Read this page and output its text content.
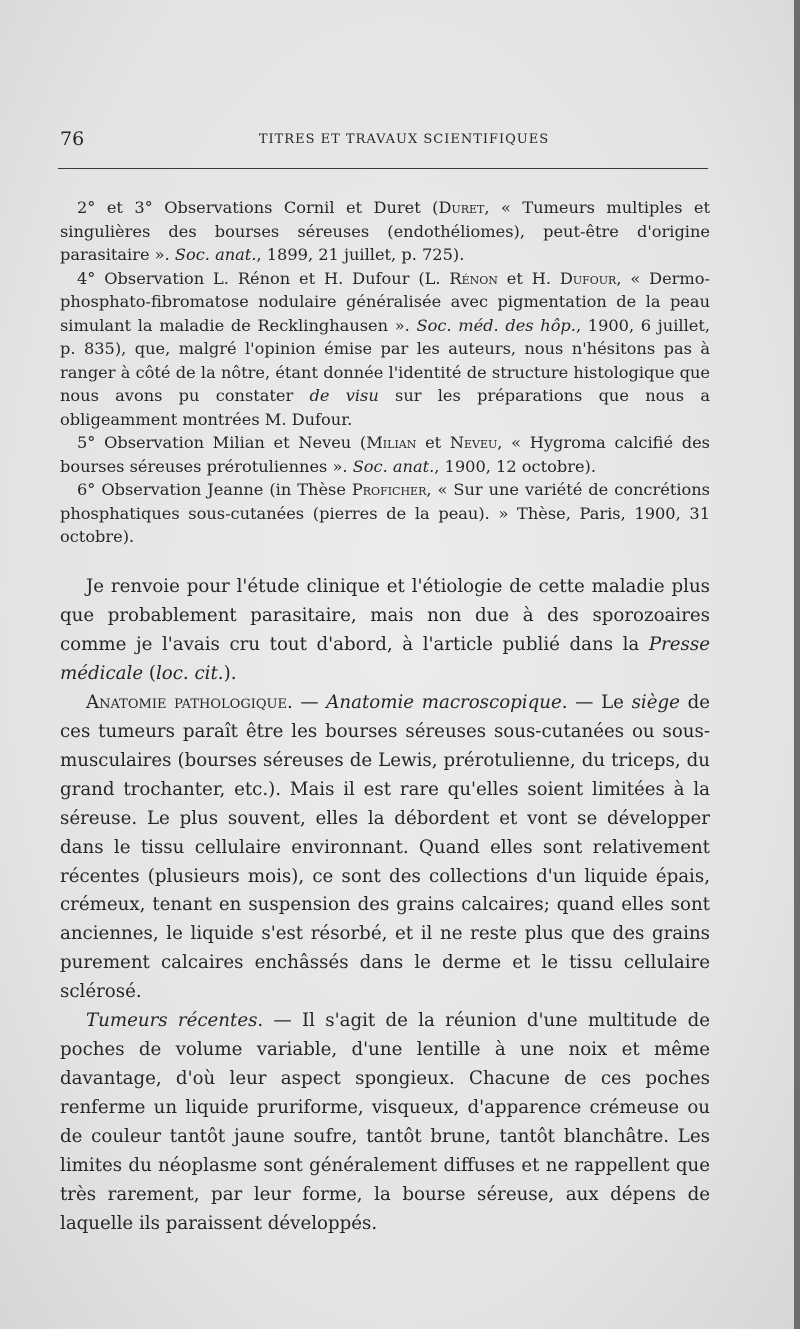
76	TITRES ET TRAVAUX SCIENTIFIQUES

2° et 3° Observations Cornil et Duret (Duret, « Tumeurs multiples et singulières des bourses séreuses (endothéliomes), peut-être d'origine parasitaire ». Soc. anat., 1899, 21 juillet, p. 725).

4° Observation L. Rénon et H. Dufour (L. Rénon et H. Dufour, « Dermo-phosphato-fibromatose nodulaire généralisée avec pigmentation de la peau simulant la maladie de Recklinghausen ». Soc. méd. des hôp., 1900, 6 juillet, p. 835), que, malgré l'opinion émise par les auteurs, nous n'hésitons pas à ranger à côté de la nôtre, étant donnée l'identité de structure histologique que nous avons pu constater de visu sur les préparations que nous a obligeamment montrées M. Dufour.

5° Observation Milian et Neveu (Milian et Neveu, « Hygroma calcifié des bourses séreuses prérotuliennes ». Soc. anat., 1900, 12 octobre).

6° Observation Jeanne (in Thèse Proficher, « Sur une variété de concrétions phosphatiques sous-cutanées (pierres de la peau). » Thèse, Paris, 1900, 31 octobre).

Je renvoie pour l'étude clinique et l'étiologie de cette maladie plus que probablement parasitaire, mais non due à des sporozoaires comme je l'avais cru tout d'abord, à l'article publié dans la Presse médicale (loc. cit.).

Anatomie pathologique. — Anatomie macroscopique. — Le siège de ces tumeurs paraît être les bourses séreuses sous-cutanées ou sous-musculaires (bourses séreuses de Lewis, prérotulienne, du triceps, du grand trochanter, etc.). Mais il est rare qu'elles soient limitées à la séreuse. Le plus souvent, elles la débordent et vont se développer dans le tissu cellulaire environnant. Quand elles sont relativement récentes (plusieurs mois), ce sont des collections d'un liquide épais, crémeux, tenant en suspension des grains calcaires; quand elles sont anciennes, le liquide s'est résorbé, et il ne reste plus que des grains purement calcaires enchâssés dans le derme et le tissu cellulaire sclérosé.

Tumeurs récentes. — Il s'agit de la réunion d'une multitude de poches de volume variable, d'une lentille à une noix et même davantage, d'où leur aspect spongieux. Chacune de ces poches renferme un liquide pruriforme, visqueux, d'apparence crémeuse ou de couleur tantôt jaune soufre, tantôt brune, tantôt blanchâtre. Les limites du néoplasme sont généralement diffuses et ne rappellent que très rarement, par leur forme, la bourse séreuse, aux dépens de laquelle ils paraissent développés.
